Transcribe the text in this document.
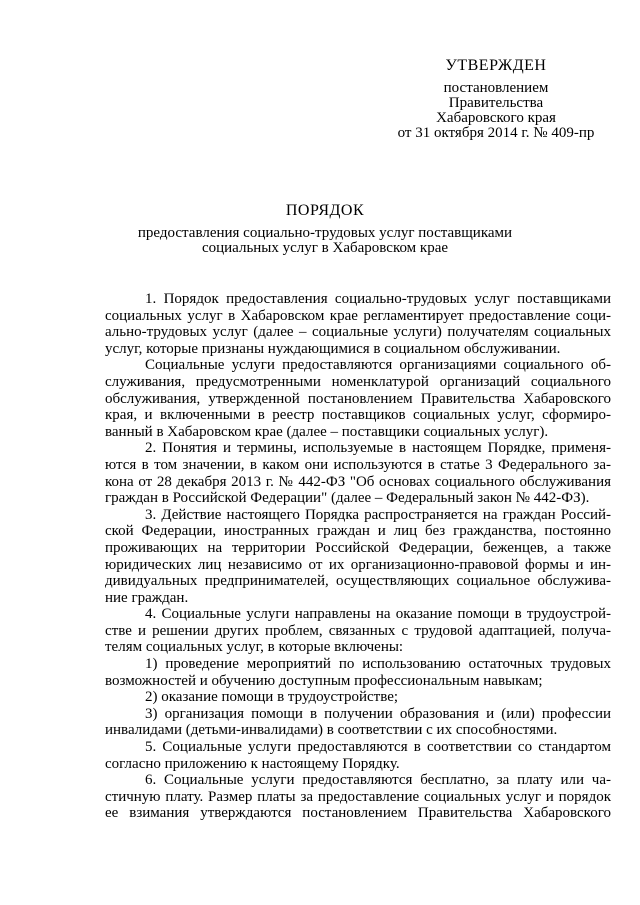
УТВЕРЖДЕН
постановлением
Правительства
Хабаровского края
от 31 октября 2014 г. № 409-пр
ПОРЯДОК
предоставления социально-трудовых услуг поставщиками
социальных услуг в Хабаровском крае
1. Порядок предоставления социально-трудовых услуг поставщиками
социальных услуг в Хабаровском крае регламентирует предоставление соци-
ально-трудовых услуг (далее – социальные услуги) получателям социальных
услуг, которые признаны нуждающимися в социальном обслуживании.
Социальные услуги предоставляются организациями социального об-
служивания, предусмотренными номенклатурой организаций социального
обслуживания, утвержденной постановлением Правительства Хабаровского
края, и включенными в реестр поставщиков социальных услуг, сформиро-
ванный в Хабаровском крае (далее – поставщики социальных услуг).
2. Понятия и термины, используемые в настоящем Порядке, применя-
ются в том значении, в каком они используются в статье 3 Федерального за-
кона от 28 декабря 2013 г. № 442-ФЗ "Об основах социального обслуживания
граждан в Российской Федерации" (далее – Федеральный закон № 442-ФЗ).
3. Действие настоящего Порядка распространяется на граждан Россий-
ской Федерации, иностранных граждан и лиц без гражданства, постоянно
проживающих на территории Российской Федерации, беженцев, а также
юридических лиц независимо от их организационно-правовой формы и ин-
дивидуальных предпринимателей, осуществляющих социальное обслужива-
ние граждан.
4. Социальные услуги направлены на оказание помощи в трудоустрой-
стве и решении других проблем, связанных с трудовой адаптацией, получа-
телям социальных услуг, в которые включены:
1) проведение мероприятий по использованию остаточных трудовых
возможностей и обучению доступным профессиональным навыкам;
2) оказание помощи в трудоустройстве;
3) организация помощи в получении образования и (или) профессии
инвалидами (детьми-инвалидами) в соответствии с их способностями.
5. Социальные услуги предоставляются в соответствии со стандартом
согласно приложению к настоящему Порядку.
6. Социальные услуги предоставляются бесплатно, за плату или ча-
стичную плату. Размер платы за предоставление социальных услуг и порядок
ее взимания утверждаются постановлением Правительства Хабаровского
